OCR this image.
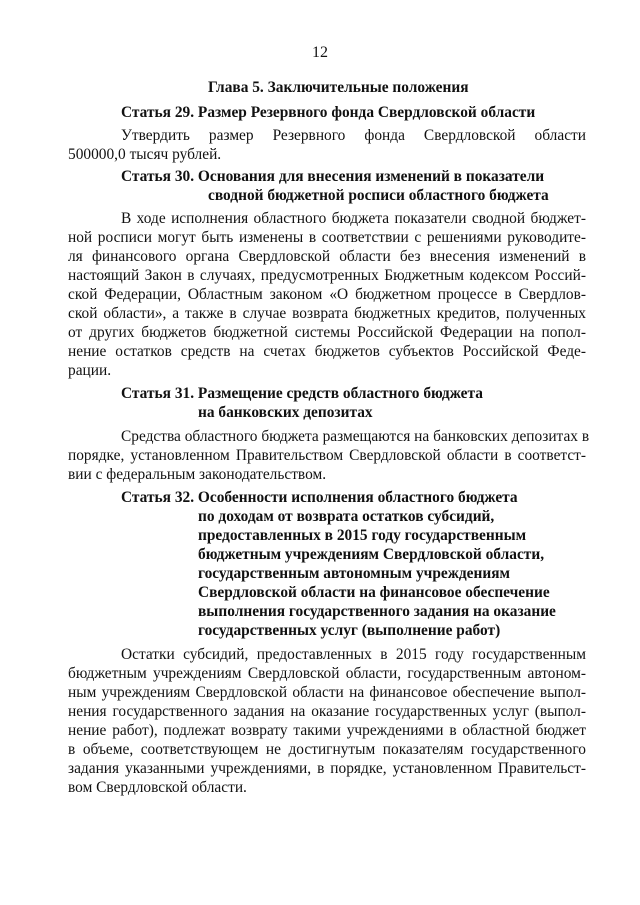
12
Глава 5. Заключительные положения
Статья 29. Размер Резервного фонда Свердловской области
Утвердить размер Резервного фонда Свердловской области
500000,0 тысяч рублей.
Статья 30. Основания для внесения изменений в показатели
сводной бюджетной росписи областного бюджета
В ходе исполнения областного бюджета показатели сводной бюджет-
ной росписи могут быть изменены в соответствии с решениями руководите-
ля финансового органа Свердловской области без внесения изменений в
настоящий Закон в случаях, предусмотренных Бюджетным кодексом Россий-
ской Федерации, Областным законом «О бюджетном процессе в Свердлов-
ской области», а также в случае возврата бюджетных кредитов, полученных
от других бюджетов бюджетной системы Российской Федерации на попол-
нение остатков средств на счетах бюджетов субъектов Российской Феде-
рации.
Статья 31. Размещение средств областного бюджета
на банковских депозитах
Средства областного бюджета размещаются на банковских депозитах в
порядке, установленном Правительством Свердловской области в соответст-
вии с федеральным законодательством.
Статья 32. Особенности исполнения областного бюджета
по доходам от возврата остатков субсидий,
предоставленных в 2015 году государственным
бюджетным учреждениям Свердловской области,
государственным автономным учреждениям
Свердловской области на финансовое обеспечение
выполнения государственного задания на оказание
государственных услуг (выполнение работ)
Остатки субсидий, предоставленных в 2015 году государственным
бюджетным учреждениям Свердловской области, государственным автоном-
ным учреждениям Свердловской области на финансовое обеспечение выпол-
нения государственного задания на оказание государственных услуг (выпол-
нение работ), подлежат возврату такими учреждениями в областной бюджет
в объеме, соответствующем не достигнутым показателям государственного
задания указанными учреждениями, в порядке, установленном Правительст-
вом Свердловской области.
